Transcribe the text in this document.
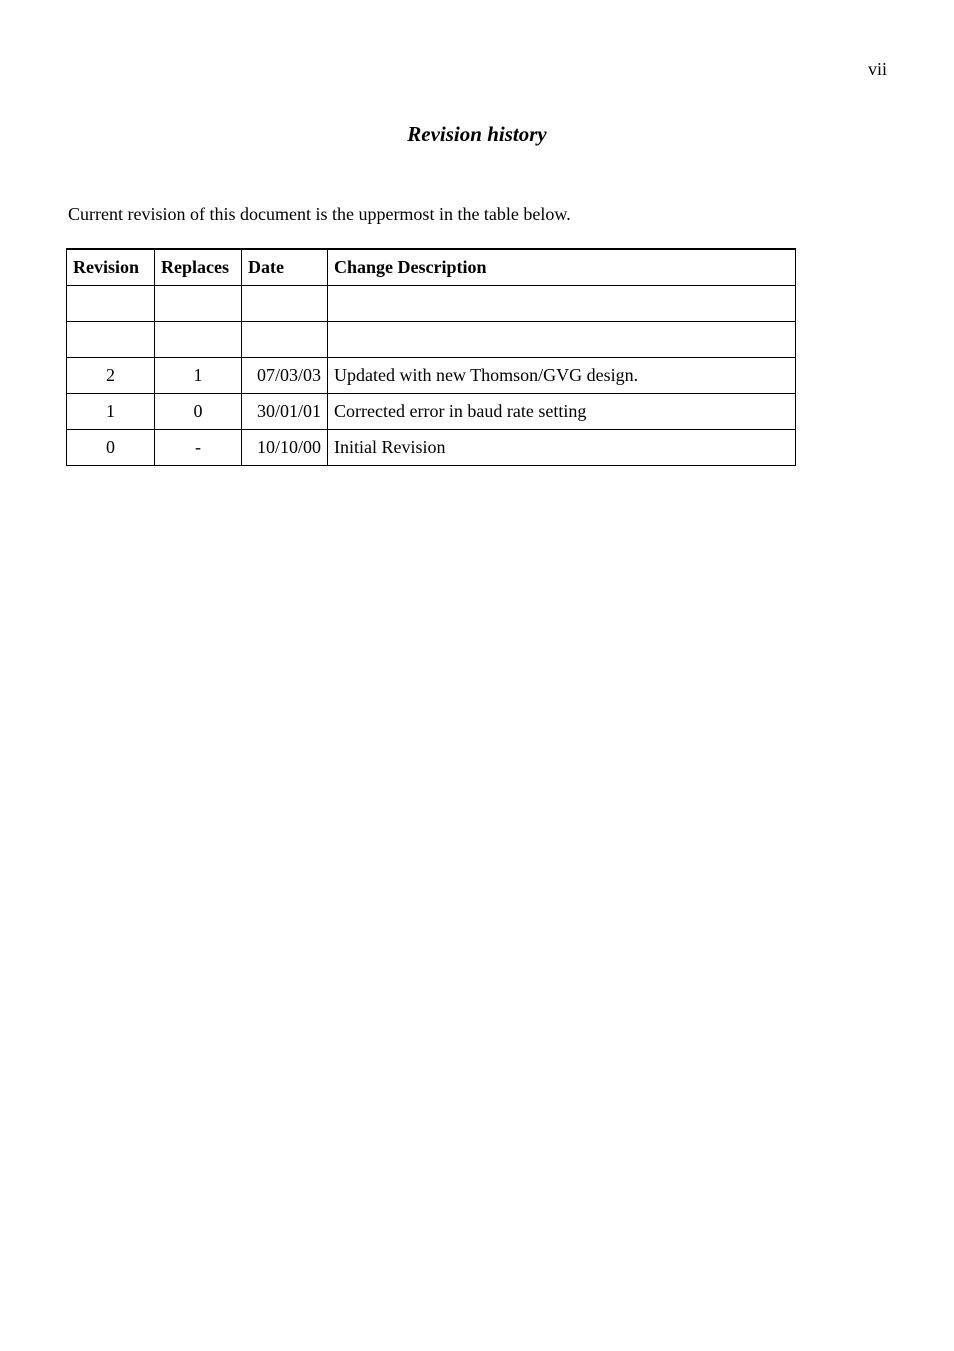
vii
Revision history
Current revision of this document is the uppermost in the table below.
Revision	Replaces	Date	Change Description

2	1	07/03/03	Updated with new Thomson/GVG design.
1	0	30/01/01	Corrected error in baud rate setting
0	-	10/10/00	Initial Revision
